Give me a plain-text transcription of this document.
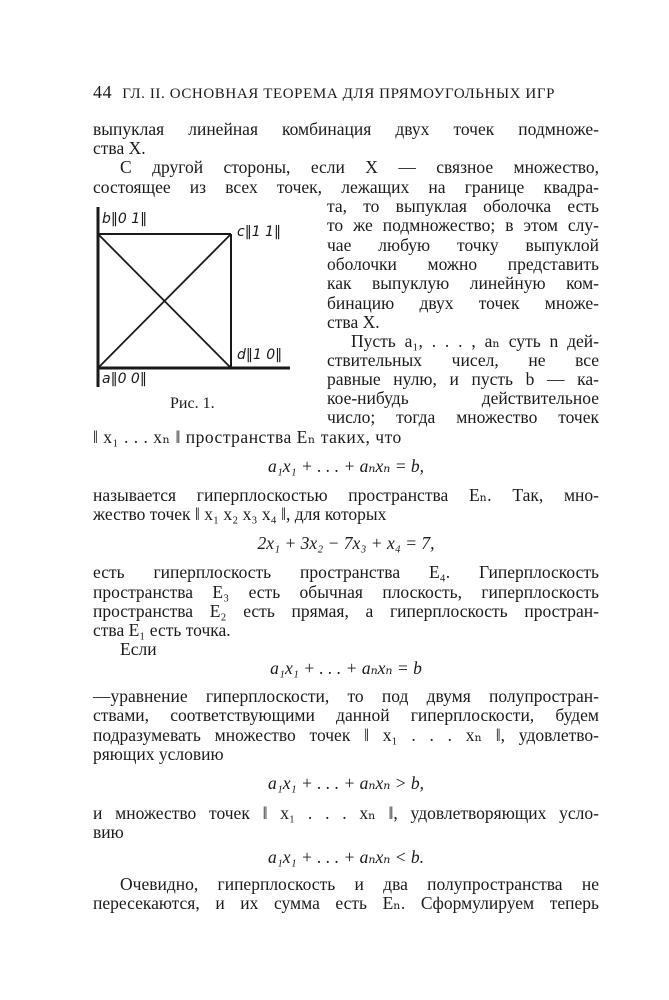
44 ГЛ. II. ОСНОВНАЯ ТЕОРЕМА ДЛЯ ПРЯМОУГОЛЬНЫХ ИГР
выпуклая линейная комбинация двух точек подмноже-
ства X.
С другой стороны, если X — связное множество,
состоящее из всех точек, лежащих на границе квадра-
та, то выпуклая оболочка есть
то же подмножество; в этом слу-
чае любую точку выпуклой
оболочки можно представить
как выпуклую линейную ком-
бинацию двух точек множе-
ства X.
Пусть a₁, . . . , aₙ суть n дей-
ствительных чисел, не все
равные нулю, и пусть b — ка-
кое-нибудь действительное
число; тогда множество точек
b‖0 1‖
c‖1 1‖
d‖1 0‖
a‖0 0‖
Рис. 1.
‖ x₁ . . . xₙ ‖ пространства Eₙ таких, что
a₁x₁ + . . . + aₙxₙ = b,
называется гиперплоскостью пространства Eₙ. Так, мно-
жество точек ‖ x₁ x₂ x₃ x₄ ‖, для которых
2x₁ + 3x₂ − 7x₃ + x₄ = 7,
есть гиперплоскость пространства E₄. Гиперплоскость
пространства E₃ есть обычная плоскость, гиперплоскость
пространства E₂ есть прямая, а гиперплоскость простран-
ства E₁ есть точка.
Если
a₁x₁ + . . . + aₙxₙ = b
—уравнение гиперплоскости, то под двумя полупростран-
ствами, соответствующими данной гиперплоскости, будем
подразумевать множество точек ‖ x₁ . . . xₙ ‖, удовлетво-
ряющих условию
a₁x₁ + . . . + aₙxₙ > b,
и множество точек ‖ x₁ . . . xₙ ‖, удовлетворяющих усло-
вию
a₁x₁ + . . . + aₙxₙ < b.
Очевидно, гиперплоскость и два полупространства не
пересекаются, и их сумма есть Eₙ. Сформулируем теперь
